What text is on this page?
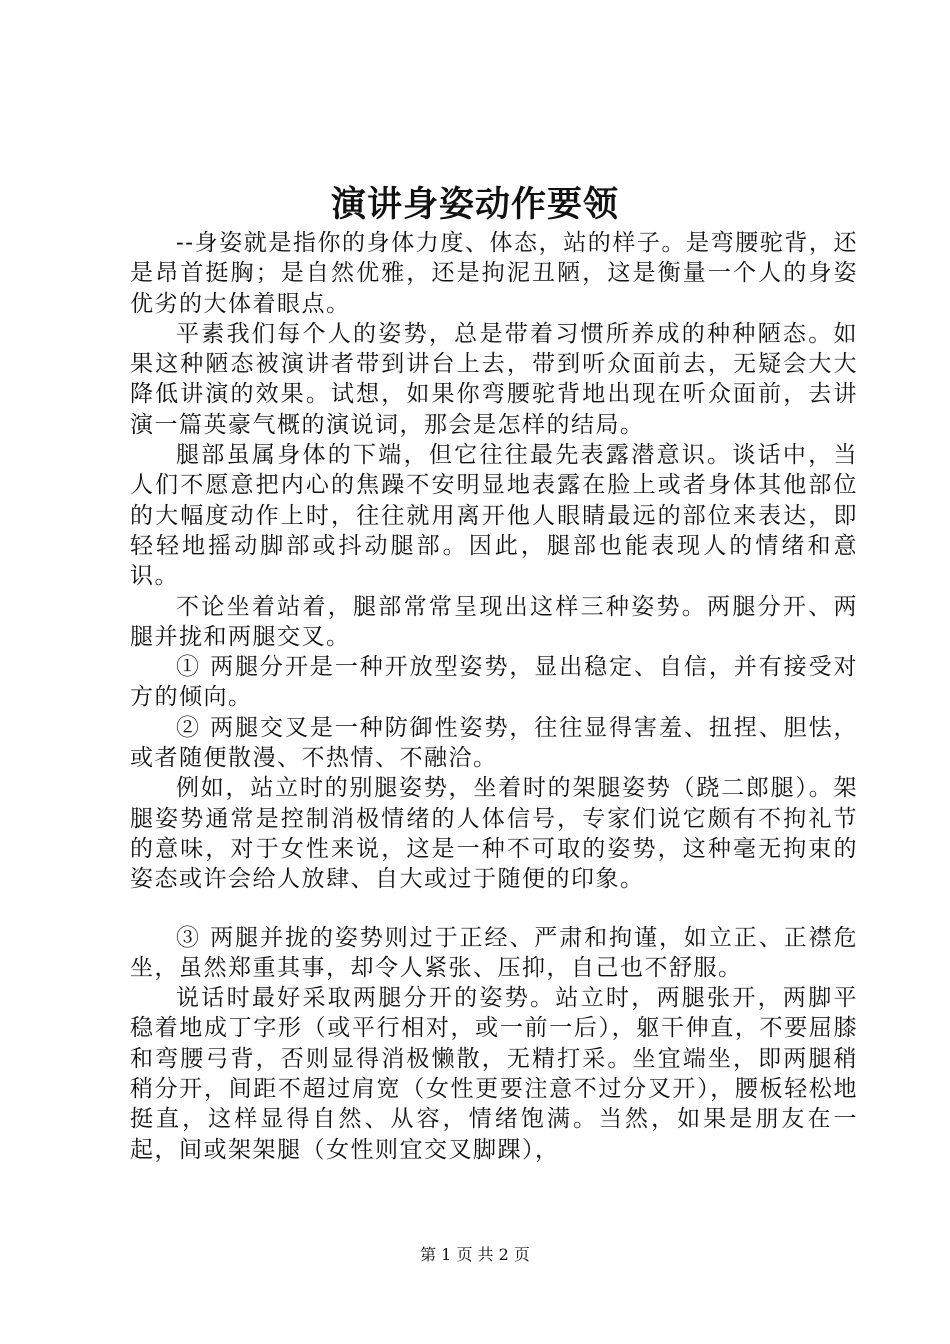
演讲身姿动作要领

--身姿就是指你的身体力度、体态，站的样子。是弯腰驼背，还是昂首挺胸；是自然优雅，还是拘泥丑陋，这是衡量一个人的身姿优劣的大体着眼点。

平素我们每个人的姿势，总是带着习惯所养成的种种陋态。如果这种陋态被演讲者带到讲台上去，带到听众面前去，无疑会大大降低讲演的效果。试想，如果你弯腰驼背地出现在听众面前，去讲演一篇英豪气概的演说词，那会是怎样的结局。

腿部虽属身体的下端，但它往往最先表露潜意识。谈话中，当人们不愿意把内心的焦躁不安明显地表露在脸上或者身体其他部位的大幅度动作上时，往往就用离开他人眼睛最远的部位来表达，即轻轻地摇动脚部或抖动腿部。因此，腿部也能表现人的情绪和意识。

不论坐着站着，腿部常常呈现出这样三种姿势。两腿分开、两腿并拢和两腿交叉。

① 两腿分开是一种开放型姿势，显出稳定、自信，并有接受对方的倾向。

② 两腿交叉是一种防御性姿势，往往显得害羞、扭捏、胆怯，或者随便散漫、不热情、不融洽。

例如，站立时的别腿姿势，坐着时的架腿姿势（跷二郎腿）。架腿姿势通常是控制消极情绪的人体信号，专家们说它颇有不拘礼节的意味，对于女性来说，这是一种不可取的姿势，这种毫无拘束的姿态或许会给人放肆、自大或过于随便的印象。

③ 两腿并拢的姿势则过于正经、严肃和拘谨，如立正、正襟危坐，虽然郑重其事，却令人紧张、压抑，自己也不舒服。

说话时最好采取两腿分开的姿势。站立时，两腿张开，两脚平稳着地成丁字形（或平行相对，或一前一后），躯干伸直，不要屈膝和弯腰弓背，否则显得消极懒散，无精打采。坐宜端坐，即两腿稍稍分开，间距不超过肩宽（女性更要注意不过分叉开），腰板轻松地挺直，这样显得自然、从容，情绪饱满。当然，如果是朋友在一起，间或架架腿（女性则宜交叉脚踝），

第 1 页 共 2 页
